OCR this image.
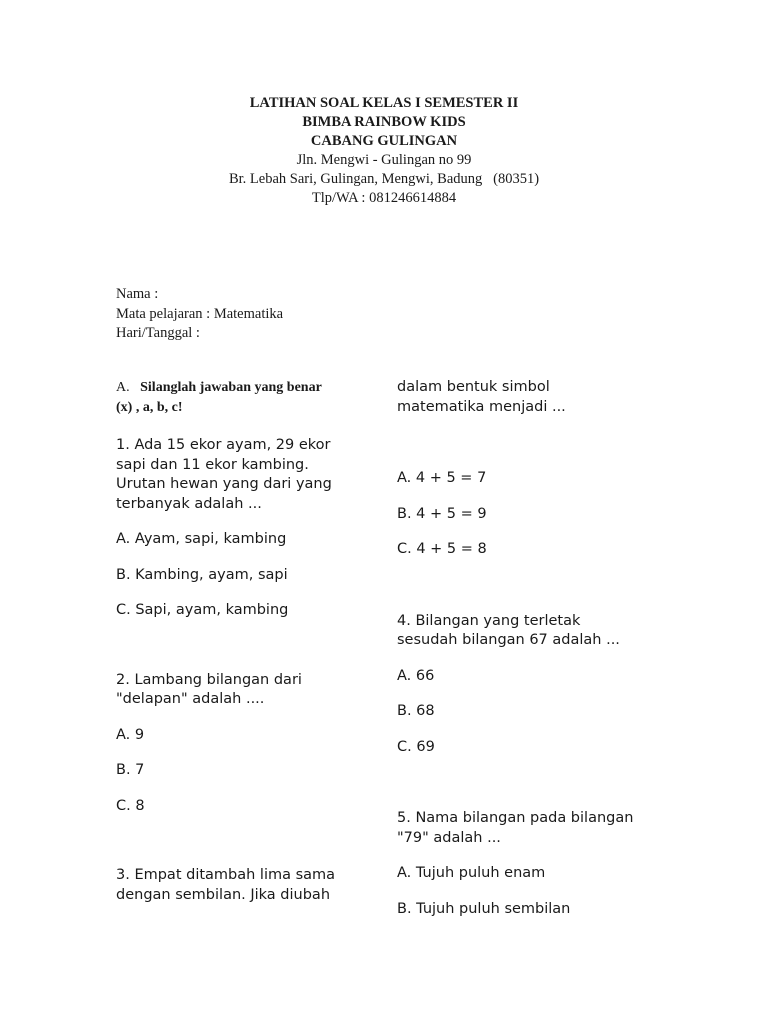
LATIHAN SOAL KELAS I SEMESTER II
BIMBA RAINBOW KIDS
CABANG GULINGAN
Jln. Mengwi - Gulingan no 99
Br. Lebah Sari, Gulingan, Mengwi, Badung   (80351)
Tlp/WA : 081246614884
Nama :
Mata pelajaran : Matematika
Hari/Tanggal :
A. Silanglah jawaban yang benar
(x) , a, b, c!

1. Ada 15 ekor ayam, 29 ekor

sapi dan 11 ekor kambing.

Urutan hewan yang dari yang

terbanyak adalah ...

A. Ayam, sapi, kambing

B. Kambing, ayam, sapi

C. Sapi, ayam, kambing

2. Lambang bilangan dari

"delapan" adalah ....

A. 9

B. 7

C. 8

3. Empat ditambah lima sama

dengan sembilan. Jika diubah

dalam bentuk simbol

matematika menjadi ...

A. 4 + 5 = 7

B. 4 + 5 = 9

C. 4 + 5 = 8

4. Bilangan yang terletak

sesudah bilangan 67 adalah ...

A. 66

B. 68

C. 69

5. Nama bilangan pada bilangan

"79" adalah ...

A. Tujuh puluh enam

B. Tujuh puluh sembilan
